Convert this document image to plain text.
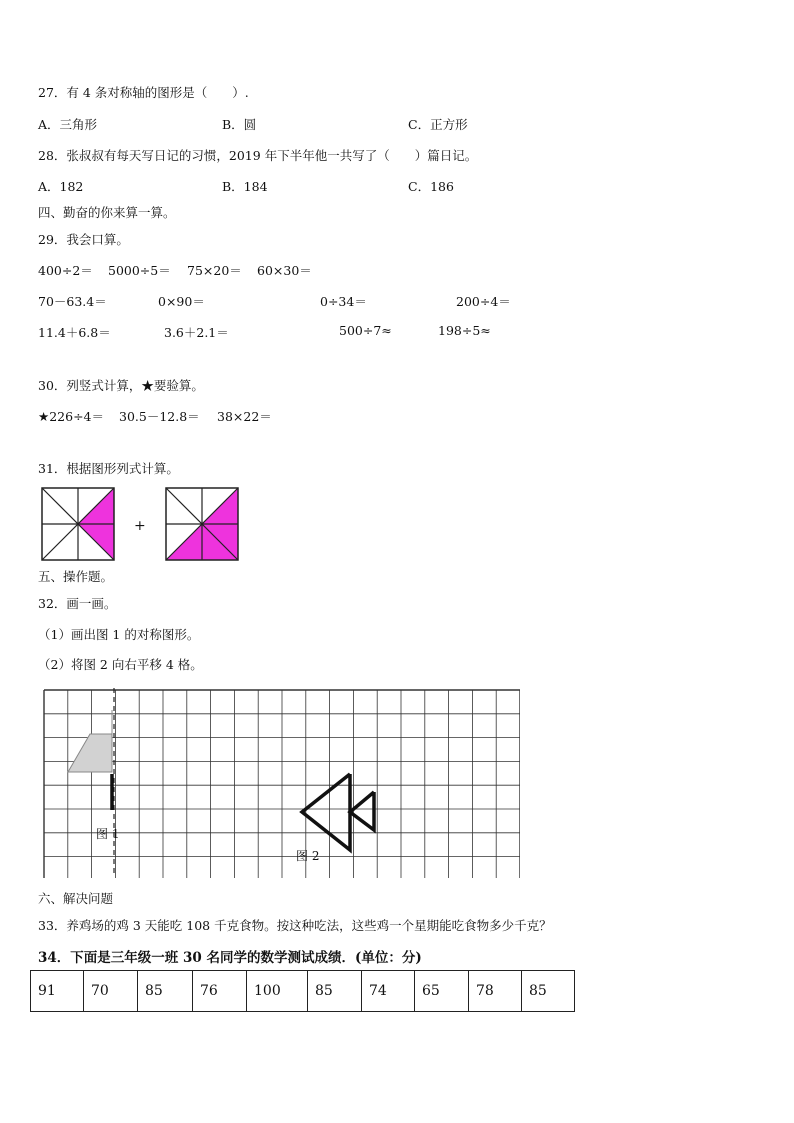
27．有 4 条对称轴的图形是（　　）.
A．三角形	B．圆	C．正方形
28．张叔叔有每天写日记的习惯，2019 年下半年他一共写了（　　）篇日记。
A．182	B．184	C．186
四、勤奋的你来算一算。
29．我会口算。
400÷2＝ 5000÷5＝ 75×20＝ 60×30＝
70－63.4＝	0×90＝	0÷34＝	200÷4＝
11.4＋6.8＝	3.6＋2.1＝	500÷7≈	198÷5≈
30．列竖式计算，★要验算。
★226÷4＝ 30.5－12.8＝ 38×22＝
31．根据图形列式计算。
+
五、操作题。
32．画一画。
（1）画出图 1 的对称图形。
（2）将图 2 向右平移 4 格。
图 1
图 2
六、解决问题
33．养鸡场的鸡 3 天能吃 108 千克食物。按这种吃法，这些鸡一个星期能吃食物多少千克？
34．下面是三年级一班 30 名同学的数学测试成绩．(单位：分)
91	70	85	76	100	85	74	65	78	85
